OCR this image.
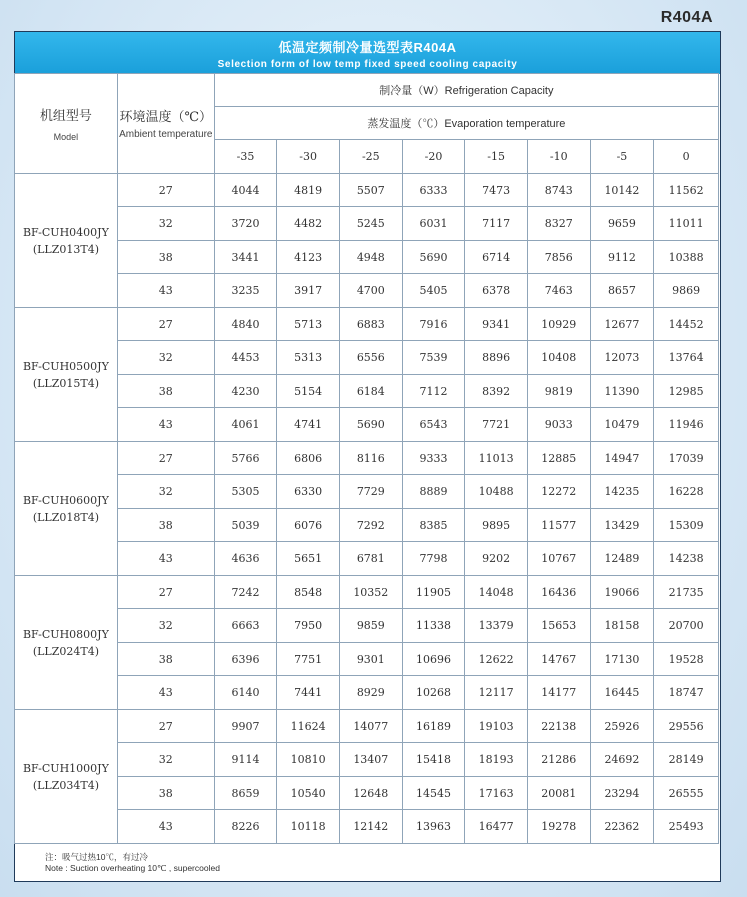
R404A
低温定频制冷量选型表R404A
Selection form of low temp fixed speed cooling capacity
机组型号
Model	环境温度（℃）
Ambient temperature	制冷量（W）Refrigeration Capacity							
		蒸发温度（℃）Evaporation temperature							
		-35	-30	-25	-20	-15	-10	-5	0

BF-CUH0400JY
(LLZ013T4)	27	4044	4819	5507	6333	7473	8743	10142	11562
	32	3720	4482	5245	6031	7117	8327	9659	11011
	38	3441	4123	4948	5690	6714	7856	9112	10388
	43	3235	3917	4700	5405	6378	7463	8657	9869

BF-CUH0500JY
(LLZ015T4)	27	4840	5713	6883	7916	9341	10929	12677	14452
	32	4453	5313	6556	7539	8896	10408	12073	13764
	38	4230	5154	6184	7112	8392	9819	11390	12985
	43	4061	4741	5690	6543	7721	9033	10479	11946

BF-CUH0600JY
(LLZ018T4)	27	5766	6806	8116	9333	11013	12885	14947	17039
	32	5305	6330	7729	8889	10488	12272	14235	16228
	38	5039	6076	7292	8385	9895	11577	13429	15309
	43	4636	5651	6781	7798	9202	10767	12489	14238

BF-CUH0800JY
(LLZ024T4)	27	7242	8548	10352	11905	14048	16436	19066	21735
	32	6663	7950	9859	11338	13379	15653	18158	20700
	38	6396	7751	9301	10696	12622	14767	17130	19528
	43	6140	7441	8929	10268	12117	14177	16445	18747

BF-CUH1000JY
(LLZ034T4)	27	9907	11624	14077	16189	19103	22138	25926	29556
	32	9114	10810	13407	15418	18193	21286	24692	28149
	38	8659	10540	12648	14545	17163	20081	23294	26555
	43	8226	10118	12142	13963	16477	19278	22362	25493
注：吸气过热10℃，有过冷
Note : Suction overheating 10℃ , supercooled
